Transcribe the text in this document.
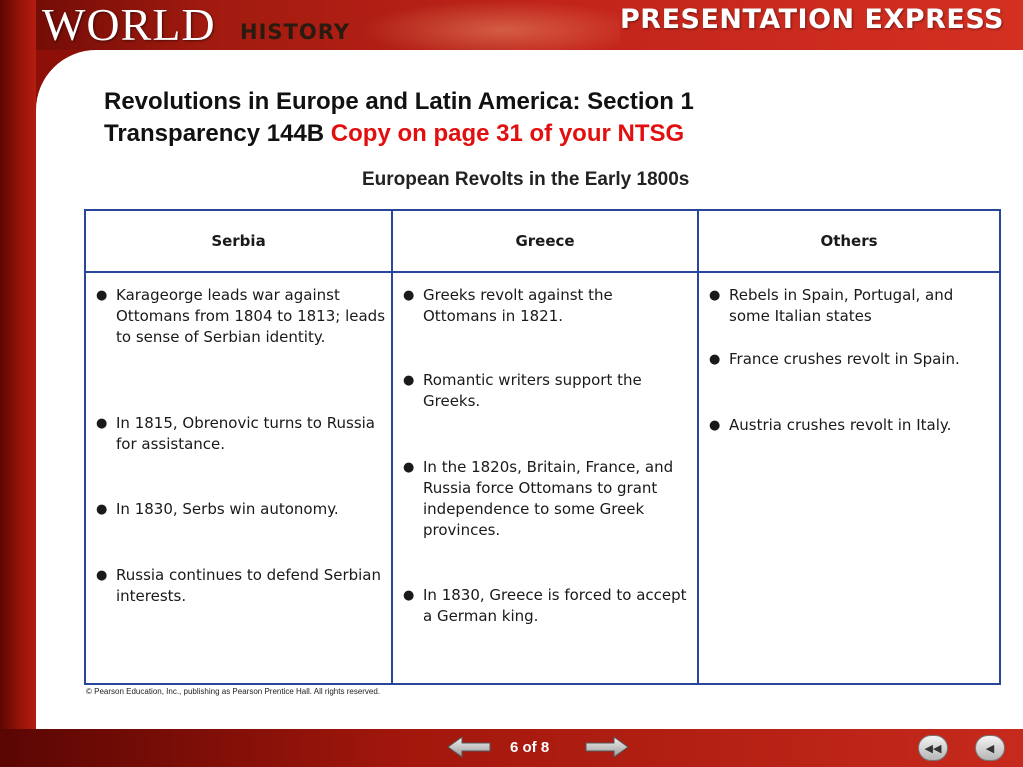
WORLD HISTORY	PRESENTATION EXPRESS
Revolutions in Europe and Latin America: Section 1
Transparency 144B Copy on page 31 of your NTSG
European Revolts in the Early 1800s
Serbia
● Karageorge leads war against Ottomans from 1804 to 1813; leads to sense of Serbian identity.
● In 1815, Obrenovic turns to Russia for assistance.
● In 1830, Serbs win autonomy.
● Russia continues to defend Serbian interests.
Greece
● Greeks revolt against the Ottomans in 1821.
● Romantic writers support the Greeks.
● In the 1820s, Britain, France, and Russia force Ottomans to grant independence to some Greek provinces.
● In 1830, Greece is forced to accept a German king.
Others
● Rebels in Spain, Portugal, and some Italian states
● France crushes revolt in Spain.
● Austria crushes revolt in Italy.
© Pearson Education, Inc., publishing as Pearson Prentice Hall. All rights reserved.
6 of 8	◀◀	◀
